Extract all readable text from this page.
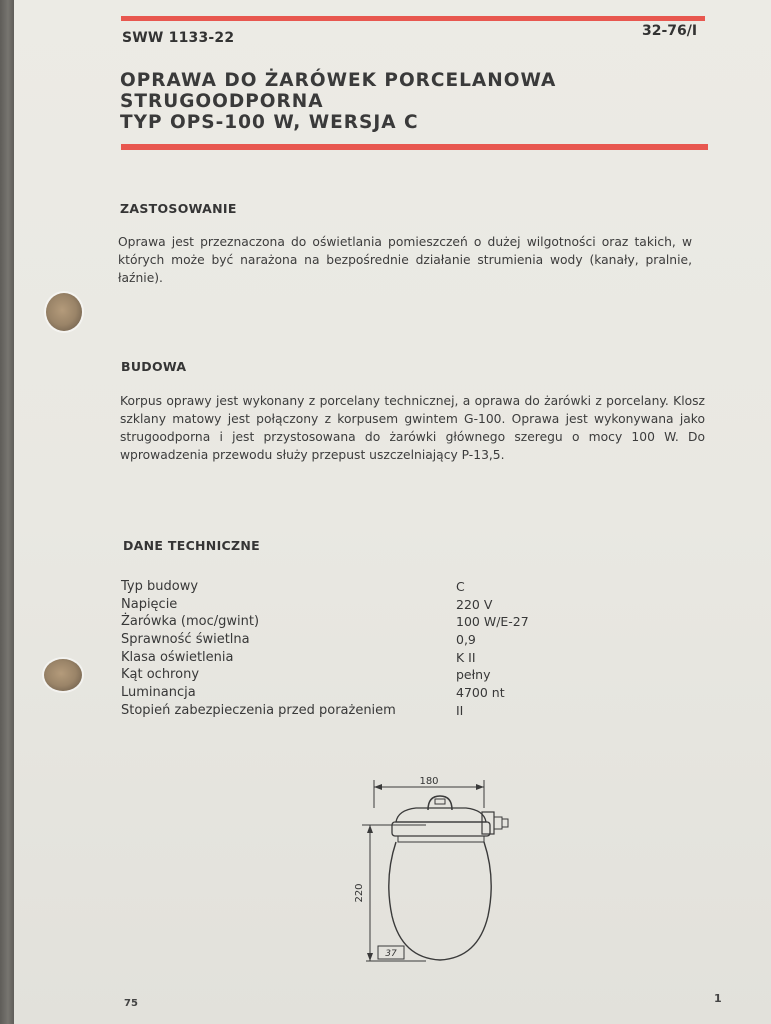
SWW 1133-22	32-76/I
OPRAWA DO ŻARÓWEK PORCELANOWA
STRUGOODPORNA
TYP OPS-100 W, WERSJA C
ZASTOSOWANIE

Oprawa jest przeznaczona do oświetlania pomieszczeń o dużej wilgotności oraz takich, w których może być narażona na bezpośrednie działanie strumienia wody (kanały, pralnie, łaźnie).

BUDOWA

Korpus oprawy jest wykonany z porcelany technicznej, a oprawa do żarówki z porcelany. Klosz szklany matowy jest połączony z korpusem gwintem G-100. Oprawa jest wykonywana jako strugoodporna i jest przystosowana do żarówki głównego szeregu o mocy 100 W. Do wprowadzenia przewodu służy przepust uszczelniający P-13,5.

DANE TECHNICZNE
Typ budowy	C
Napięcie	220 V
Żarówka (moc/gwint)	100 W/E-27
Sprawność świetlna	0,9
Klasa oświetlenia	K II
Kąt ochrony	pełny
Luminancja	4700 nt
Stopień zabezpieczenia przed porażeniem	II
180
220
37
75	1
